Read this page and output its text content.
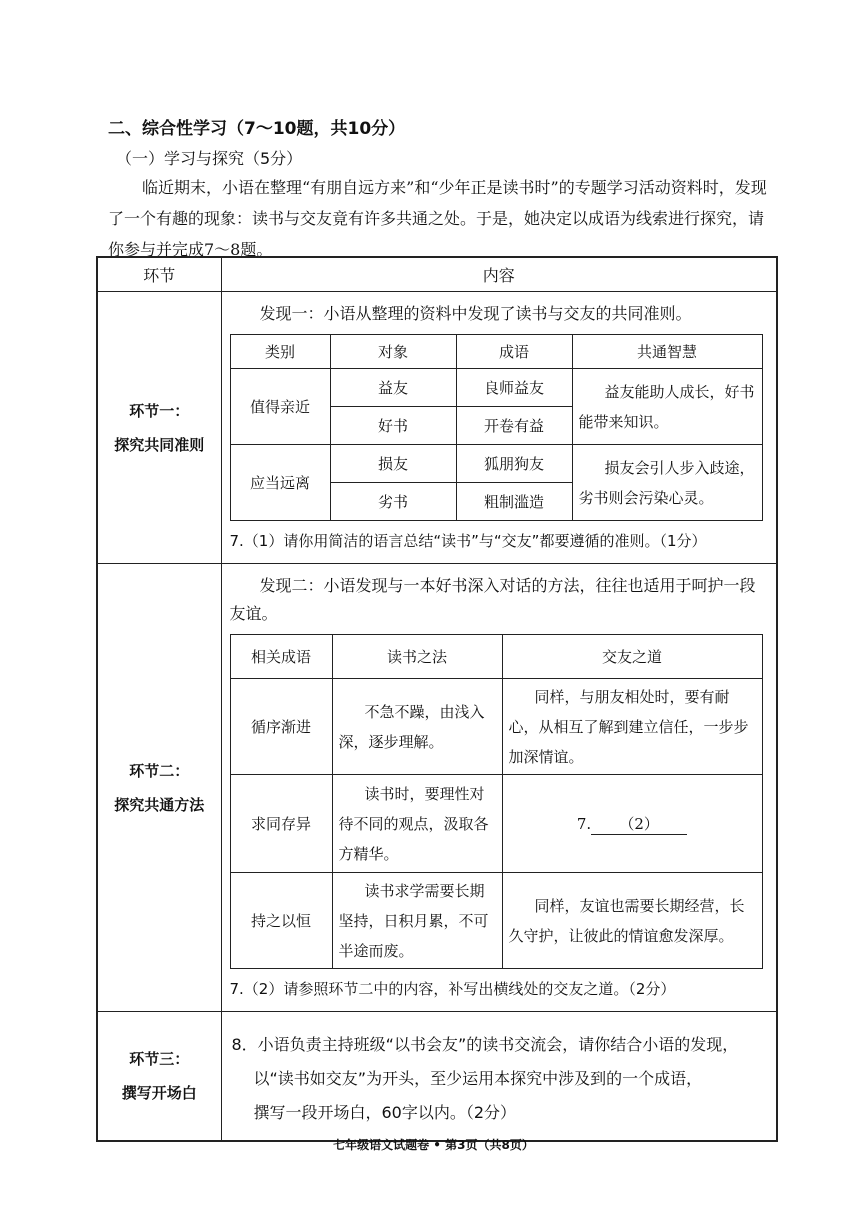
二、综合性学习（7～10题，共10分）
（一）学习与探究（5分）
临近期末，小语在整理“有朋自远方来”和“少年正是读书时”的专题学习活动资料时，发现了一个有趣的现象：读书与交友竟有许多共通之处。于是，她决定以成语为线索进行探究，请你参与并完成7～8题。
环节	内容

环节一：
探究共同准则

发现一：小语从整理的资料中发现了读书与交友的共同准则。
类别	对象	成语	共通智慧
值得亲近	益友	良师益友	益友能助人成长，好书能带来知识。
好书	开卷有益
应当远离	损友	狐朋狗友	损友会引人步入歧途，劣书则会污染心灵。
劣书	粗制滥造
7.（1）请你用简洁的语言总结“读书”与“交友”都要遵循的准则。（1分）

环节二：
探究共通方法

发现二：小语发现与一本好书深入对话的方法，往往也适用于呵护一段友谊。
相关成语	读书之法	交友之道
循序渐进	不急不躁，由浅入深，逐步理解。	同样，与朋友相处时，要有耐心，从相互了解到建立信任，一步步加深情谊。
求同存异	读书时，要理性对待不同的观点，汲取各方精华。	7. （2）
持之以恒	读书求学需要长期坚持，日积月累，不可半途而废。	同样，友谊也需要长期经营，长久守护，让彼此的情谊愈发深厚。
7.（2）请参照环节二中的内容，补写出横线处的交友之道。（2分）

环节三：
撰写开场白

8．小语负责主持班级“以书会友”的读书交流会，请你结合小语的发现，
以“读书如交友”为开头，至少运用本探究中涉及到的一个成语，
撰写一段开场白，60字以内。（2分）
七年级语文试题卷 • 第3页（共8页）
